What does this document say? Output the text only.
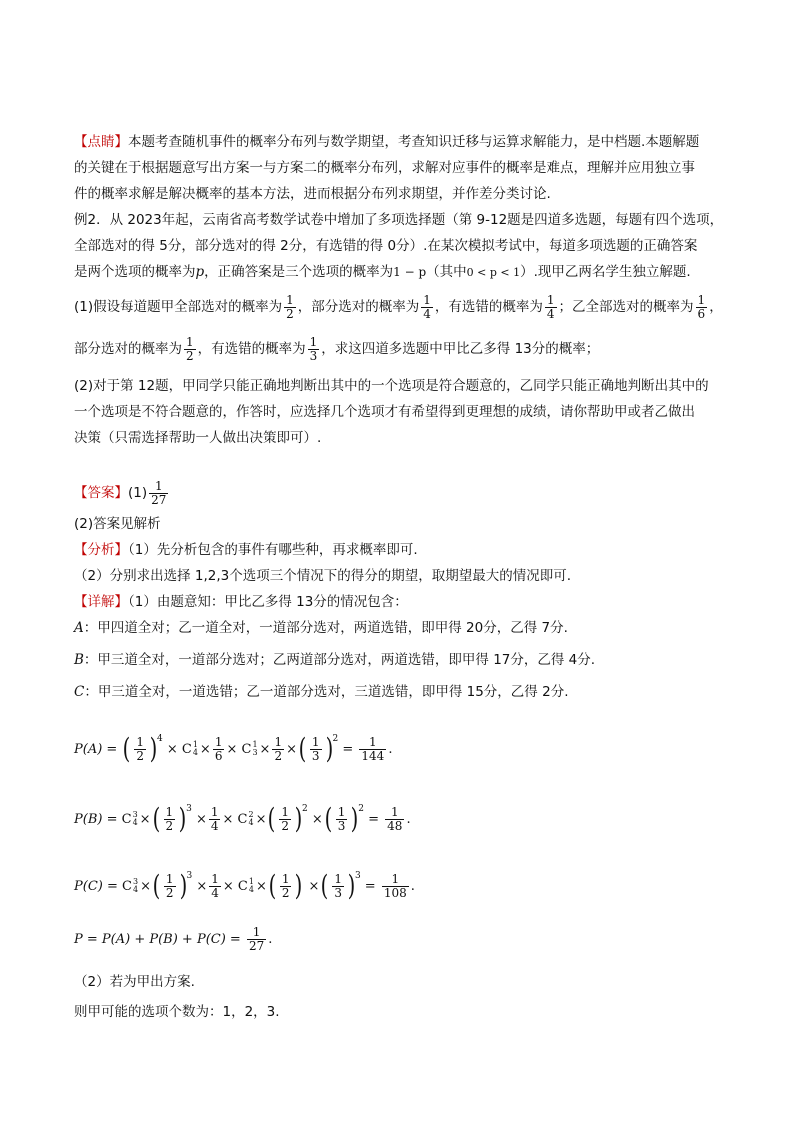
【点睛】本题考查随机事件的概率分布列与数学期望，考查知识迁移与运算求解能力，是中档题.本题解题
的关键在于根据题意写出方案一与方案二的概率分布列，求解对应事件的概率是难点，理解并应用独立事
件的概率求解是解决概率的基本方法，进而根据分布列求期望，并作差分类讨论.
例2．从 2023年起，云南省高考数学试卷中增加了多项选择题（第 9-12题是四道多选题，每题有四个选项，
全部选对的得 5分，部分选对的得 2分，有选错的得 0分）.在某次模拟考试中，每道多项选题的正确答案
是两个选项的概率为p，正确答案是三个选项的概率为1 − p（其中0 < p < 1）.现甲乙两名学生独立解题.
(1)假设每道题甲全部选对的概率为 $\frac{1}{2}$ ，部分选对的概率为 $\frac{1}{4}$ ，有选错的概率为 $\frac{1}{4}$ ；乙全部选对的概率为 $\frac{1}{6}$ ，
部分选对的概率为 $\frac{1}{2}$ ，有选错的概率为 $\frac{1}{3}$ ，求这四道多选题中甲比乙多得 13分的概率；
(2)对于第 12题，甲同学只能正确地判断出其中的一个选项是符合题意的，乙同学只能正确地判断出其中的
一个选项是不符合题意的，作答时，应选择几个选项才有希望得到更理想的成绩，请你帮助甲或者乙做出
决策（只需选择帮助一人做出决策即可）.
【答案】$(1) \frac{1}{27}$
(2)答案见解析
【分析】（1）先分析包含的事件有哪些种，再求概率即可.
（2）分别求出选择 1,2,3个选项三个情况下的得分的期望，取期望最大的情况即可.
【详解】（1）由题意知：甲比乙多得 13分的情况包含：
A：甲四道全对；乙一道全对，一道部分选对，两道选错，即甲得 20分，乙得 7分.
B：甲三道全对，一道部分选对；乙两道部分选对，两道选错，即甲得 17分，乙得 4分.
C：甲三道全对，一道选错；乙一道部分选对，三道选错，即甲得 15分，乙得 2分.
P(A) =
( $\frac{1}{2}$ ) 4
× C 1
$4 \times \frac{1}{6} \times C$ 1
$3 \times \frac{1}{2}$ × ( $\frac{1}{3}$ ) 2
= $\frac{1}{144}$ .
P(B) = C 3
4 × ( $\frac{1}{2}$ ) 3
× $\frac{1}{4} \times C$ 2
4 × ( $\frac{1}{2}$ ) 2
× ( $\frac{1}{3}$ ) 2
= $\frac{1}{48}$ .
P(C) = C 3
4 × ( $\frac{1}{2}$ ) 3
× $\frac{1}{4} \times C$ 1
4 × ( $\frac{1}{2}$ ) × ( $\frac{1}{3}$ ) 3
= $\frac{1}{108}$ .
P = P(A) + P(B) + P(C) =
$\frac{1}{27}$ .
（2）若为甲出方案.
则甲可能的选项个数为：1，2，3.
